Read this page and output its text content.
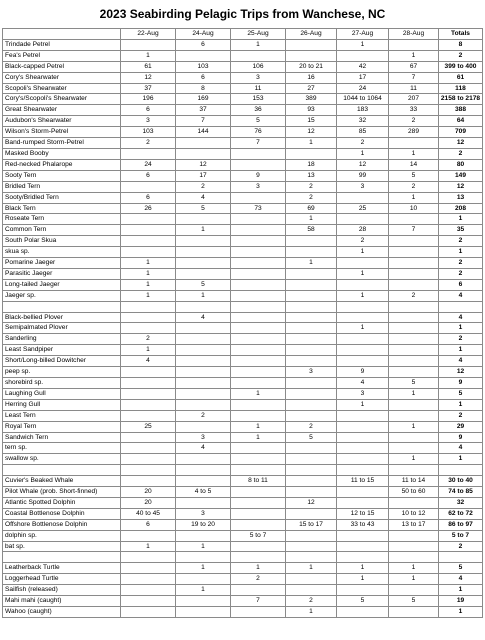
2023 Seabirding Pelagic Trips from Wanchese, NC
	22-Aug	24-Aug	25-Aug	26-Aug	27-Aug	28-Aug	Totals
Trindade Petrel		6	1		1		8
Fea's Petrel	1					1	2
Black-capped Petrel	61	103	106	20 to 21	42	67	399 to 400
Cory's Shearwater	12	6	3	16	17	7	61
Scopoli's Shearwater	37	8	11	27	24	11	118
Cory's/Scopoli's Shearwater	196	169	153	389	1044 to 1064	207	2158 to 2178
Great Shearwater	6	37	36	93	183	33	388
Audubon's Shearwater	3	7	5	15	32	2	64
Wilson's Storm-Petrel	103	144	76	12	85	289	709
Band-rumped Storm-Petrel	2		7	1	2		12
Masked Booby					1	1	2
Red-necked Phalarope	24	12		18	12	14	80
Sooty Tern	6	17	9	13	99	5	149
Bridled Tern		2	3	2	3	2	12
Sooty/Bridled Tern	6	4		2		1	13
Black Tern	26	5	73	69	25	10	208
Roseate Tern				1			1
Common Tern		1		58	28	7	35
South Polar Skua					2		2
skua sp.					1		1
Pomarine Jaeger	1			1			2
Parasitic Jaeger	1				1		2
Long-tailed Jaeger	1	5					6
Jaeger sp.	1	1			1	2	4

Black-bellied Plover		4					4
Semipalmated Plover					1		1
Sanderling	2						2
Least Sandpiper	1						1
Short/Long-billed Dowitcher	4						4
peep sp.				3	9		12
shorebird sp.					4	5	9
Laughing Gull			1		3	1	5
Herring Gull					1		1
Least Tern		2					2
Royal Tern	25		1	2		1	29
Sandwich Tern		3	1	5			9
tern sp.		4					4
swallow sp.						1	1

Cuvier's Beaked Whale			8 to 11		11 to 15	11 to 14	30 to 40
Pilot Whale (prob. Short-finned)	20	4 to 5				50 to 60	74 to 85
Atlantic Spotted Dolphin	20			12			32
Coastal Bottlenose Dolphin	40 to 45	3			12 to 15	10 to 12	62 to 72
Offshore Bottlenose Dolphin	6	19 to 20		15 to 17	33 to 43	13 to 17	86 to 97
dolphin sp.			5 to 7				5 to 7
bat sp.	1	1					2

Leatherback Turtle		1	1	1	1	1	5
Loggerhead Turtle			2		1	1	4
Sailfish (released)		1					1
Mahi mahi (caught)			7	2	5	5	19
Wahoo (caught)				1			1
